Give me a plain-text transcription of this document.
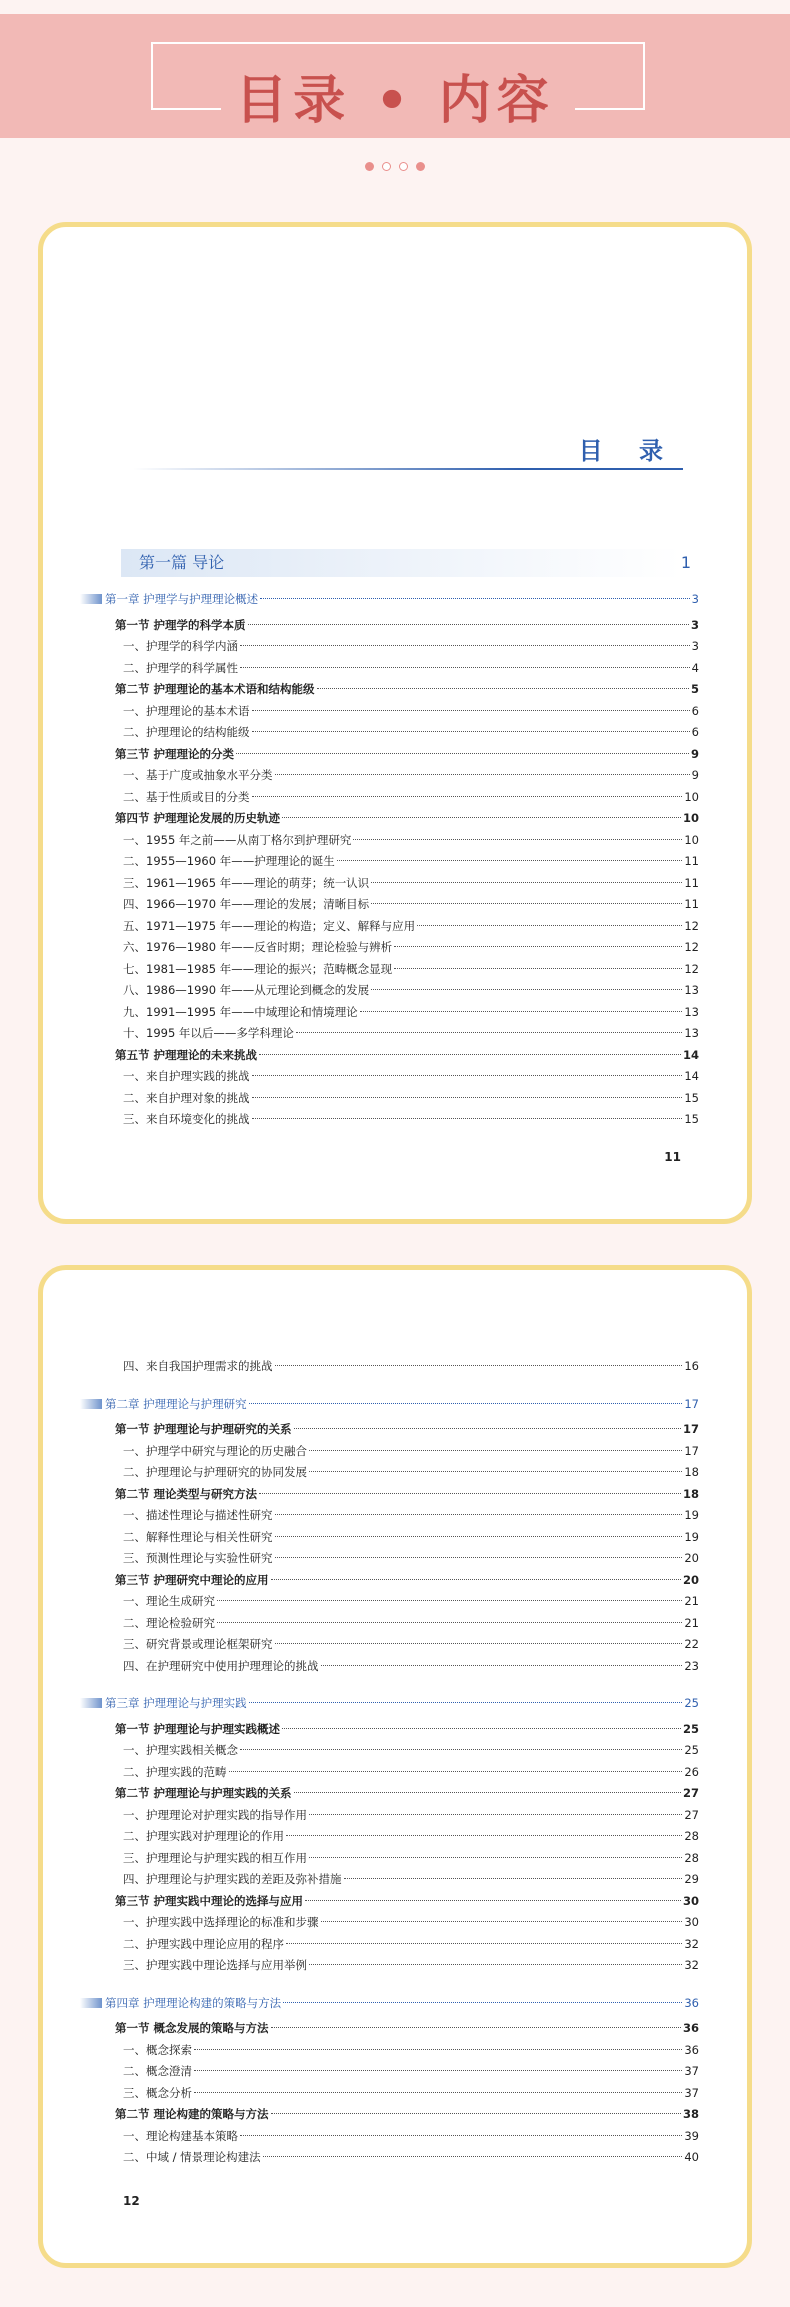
目录 • 内容
目 录
第一篇 导论	1
第一章 护理学与护理理论概述	3
第一节 护理学的科学本质	3
一、护理学的科学内涵	3
二、护理学的科学属性	4
第二节 护理理论的基本术语和结构能级	5
一、护理理论的基本术语	6
二、护理理论的结构能级	6
第三节 护理理论的分类	9
一、基于广度或抽象水平分类	9
二、基于性质或目的分类	10
第四节 护理理论发展的历史轨迹	10
一、1955 年之前——从南丁格尔到护理研究	10
二、1955—1960 年——护理理论的诞生	11
三、1961—1965 年——理论的萌芽；统一认识	11
四、1966—1970 年——理论的发展；清晰目标	11
五、1971—1975 年——理论的构造；定义、解释与应用	12
六、1976—1980 年——反省时期；理论检验与辨析	12
七、1981—1985 年——理论的振兴；范畴概念显现	12
八、1986—1990 年——从元理论到概念的发展	13
九、1991—1995 年——中域理论和情境理论	13
十、1995 年以后——多学科理论	13
第五节 护理理论的未来挑战	14
一、来自护理实践的挑战	14
二、来自护理对象的挑战	15
三、来自环境变化的挑战	15
11
四、来自我国护理需求的挑战	16
第二章 护理理论与护理研究	17
第一节 护理理论与护理研究的关系	17
一、护理学中研究与理论的历史融合	17
二、护理理论与护理研究的协同发展	18
第二节 理论类型与研究方法	18
一、描述性理论与描述性研究	19
二、解释性理论与相关性研究	19
三、预测性理论与实验性研究	20
第三节 护理研究中理论的应用	20
一、理论生成研究	21
二、理论检验研究	21
三、研究背景或理论框架研究	22
四、在护理研究中使用护理理论的挑战	23
第三章 护理理论与护理实践	25
第一节 护理理论与护理实践概述	25
一、护理实践相关概念	25
二、护理实践的范畴	26
第二节 护理理论与护理实践的关系	27
一、护理理论对护理实践的指导作用	27
二、护理实践对护理理论的作用	28
三、护理理论与护理实践的相互作用	28
四、护理理论与护理实践的差距及弥补措施	29
第三节 护理实践中理论的选择与应用	30
一、护理实践中选择理论的标准和步骤	30
二、护理实践中理论应用的程序	32
三、护理实践中理论选择与应用举例	32
第四章 护理理论构建的策略与方法	36
第一节 概念发展的策略与方法	36
一、概念探索	36
二、概念澄清	37
三、概念分析	37
第二节 理论构建的策略与方法	38
一、理论构建基本策略	39
二、中域 / 情景理论构建法	40
12
